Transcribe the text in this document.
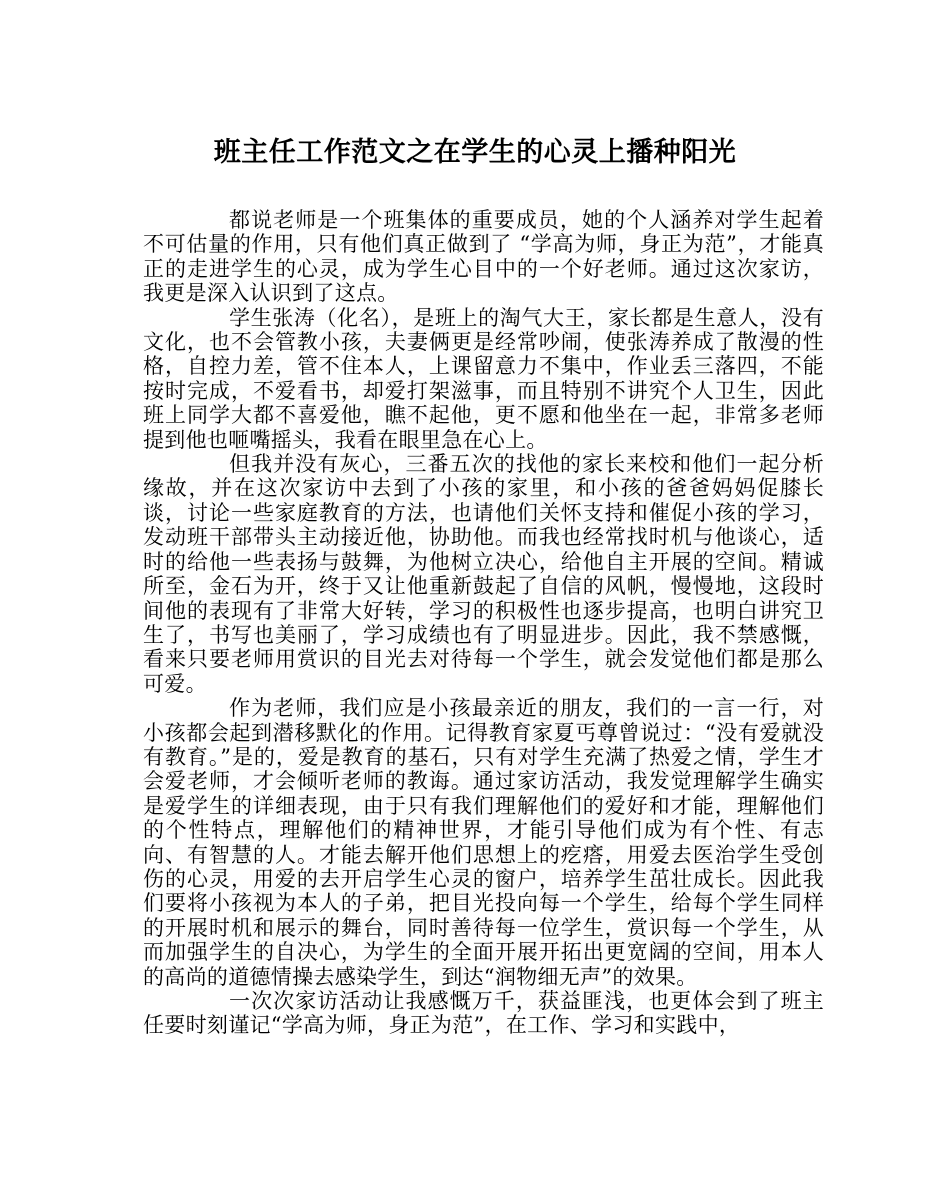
班主任工作范文之在学生的心灵上播种阳光

都说老师是一个班集体的重要成员，她的个人涵养对学生起着不可估量的作用，只有他们真正做到了 “学高为师，身正为范”，才能真正的走进学生的心灵，成为学生心目中的一个好老师。通过这次家访，我更是深入认识到了这点。

学生张涛（化名），是班上的淘气大王，家长都是生意人，没有文化，也不会管教小孩，夫妻俩更是经常吵闹，使张涛养成了散漫的性格，自控力差，管不住本人，上课留意力不集中，作业丢三落四，不能按时完成，不爱看书，却爱打架滋事，而且特别不讲究个人卫生，因此班上同学大都不喜爱他，瞧不起他，更不愿和他坐在一起，非常多老师提到他也咂嘴摇头，我看在眼里急在心上。

但我并没有灰心，三番五次的找他的家长来校和他们一起分析缘故，并在这次家访中去到了小孩的家里，和小孩的爸爸妈妈促膝长谈，讨论一些家庭教育的方法，也请他们关怀支持和催促小孩的学习，发动班干部带头主动接近他，协助他。而我也经常找时机与他谈心，适时的给他一些表扬与鼓舞，为他树立决心，给他自主开展的空间。精诚所至，金石为开，终于又让他重新鼓起了自信的风帆，慢慢地，这段时间他的表现有了非常大好转，学习的积极性也逐步提高，也明白讲究卫生了，书写也美丽了，学习成绩也有了明显进步。因此，我不禁感慨，看来只要老师用赏识的目光去对待每一个学生，就会发觉他们都是那么可爱。

作为老师，我们应是小孩最亲近的朋友，我们的一言一行，对小孩都会起到潜移默化的作用。记得教育家夏丐尊曾说过：“没有爱就没有教育。”是的，爱是教育的基石，只有对学生充满了热爱之情，学生才会爱老师，才会倾听老师的教诲。通过家访活动，我发觉理解学生确实是爱学生的详细表现，由于只有我们理解他们的爱好和才能，理解他们的个性特点，理解他们的精神世界，才能引导他们成为有个性、有志向、有智慧的人。才能去解开他们思想上的疙瘩，用爱去医治学生受创伤的心灵，用爱的去开启学生心灵的窗户，培养学生茁壮成长。因此我们要将小孩视为本人的子弟，把目光投向每一个学生，给每个学生同样的开展时机和展示的舞台，同时善待每一位学生，赏识每一个学生，从而加强学生的自决心，为学生的全面开展开拓出更宽阔的空间，用本人的高尚的道德情操去感染学生，到达“润物细无声”的效果。

一次次家访活动让我感慨万千，获益匪浅，也更体会到了班主任要时刻谨记“学高为师，身正为范”，在工作、学习和实践中，
